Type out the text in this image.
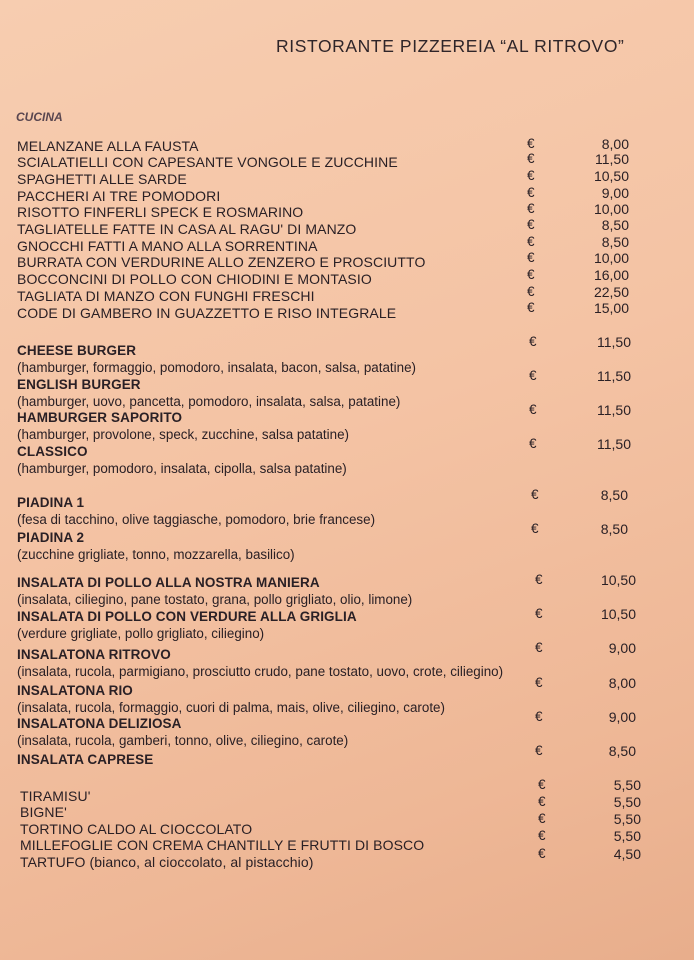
RISTORANTE PIZZEREIA “AL RITROVO”
CUCINA
MELANZANE ALLA FAUSTA	€	8,00
SCIALATIELLI CON CAPESANTE VONGOLE E ZUCCHINE	€	11,50
SPAGHETTI ALLE SARDE	€	10,50
PACCHERI AI TRE POMODORI	€	9,00
RISOTTO FINFERLI SPECK E ROSMARINO	€	10,00
TAGLIATELLE FATTE IN CASA AL RAGU' DI MANZO	€	8,50
GNOCCHI FATTI A MANO ALLA SORRENTINA	€	8,50
BURRATA CON VERDURINE ALLO ZENZERO E PROSCIUTTO	€	10,00
BOCCONCINI DI POLLO CON CHIODINI E MONTASIO	€	16,00
TAGLIATA DI MANZO CON FUNGHI FRESCHI	€	22,50
CODE DI GAMBERO IN GUAZZETTO E RISO INTEGRALE	€	15,00
CHEESE BURGER
(hamburger, formaggio, pomodoro, insalata, bacon, salsa, patatine)
€	11,50
ENGLISH BURGER
(hamburger, uovo, pancetta, pomodoro, insalata, salsa, patatine)
€	11,50
HAMBURGER SAPORITO
(hamburger, provolone, speck, zucchine, salsa patatine)
€	11,50
CLASSICO
(hamburger, pomodoro, insalata, cipolla, salsa patatine)
€	11,50
PIADINA 1
(fesa di tacchino, olive taggiasche, pomodoro, brie francese)
€	8,50
PIADINA 2
(zucchine grigliate, tonno, mozzarella, basilico)
€	8,50
INSALATA DI POLLO ALLA NOSTRA MANIERA
(insalata, ciliegino, pane tostato, grana, pollo grigliato, olio, limone)
€	10,50
INSALATA DI POLLO CON VERDURE ALLA GRIGLIA
(verdure grigliate, pollo grigliato, ciliegino)
€	10,50
INSALATONA RITROVO
(insalata, rucola, parmigiano, prosciutto crudo, pane tostato, uovo, crote, ciliegino)
€	9,00
INSALATONA RIO
(insalata, rucola, formaggio, cuori di palma, mais, olive, ciliegino, carote)
€	8,00
INSALATONA DELIZIOSA
(insalata, rucola, gamberi, tonno, olive, ciliegino, carote)
€	9,00
INSALATA CAPRESE
€	8,50
TIRAMISU'
€	5,50
BIGNE'
€	5,50
TORTINO CALDO AL CIOCCOLATO
€	5,50
MILLEFOGLIE CON CREMA CHANTILLY E FRUTTI DI BOSCO
€	5,50
TARTUFO (bianco, al cioccolato, al pistacchio)
€	4,50
